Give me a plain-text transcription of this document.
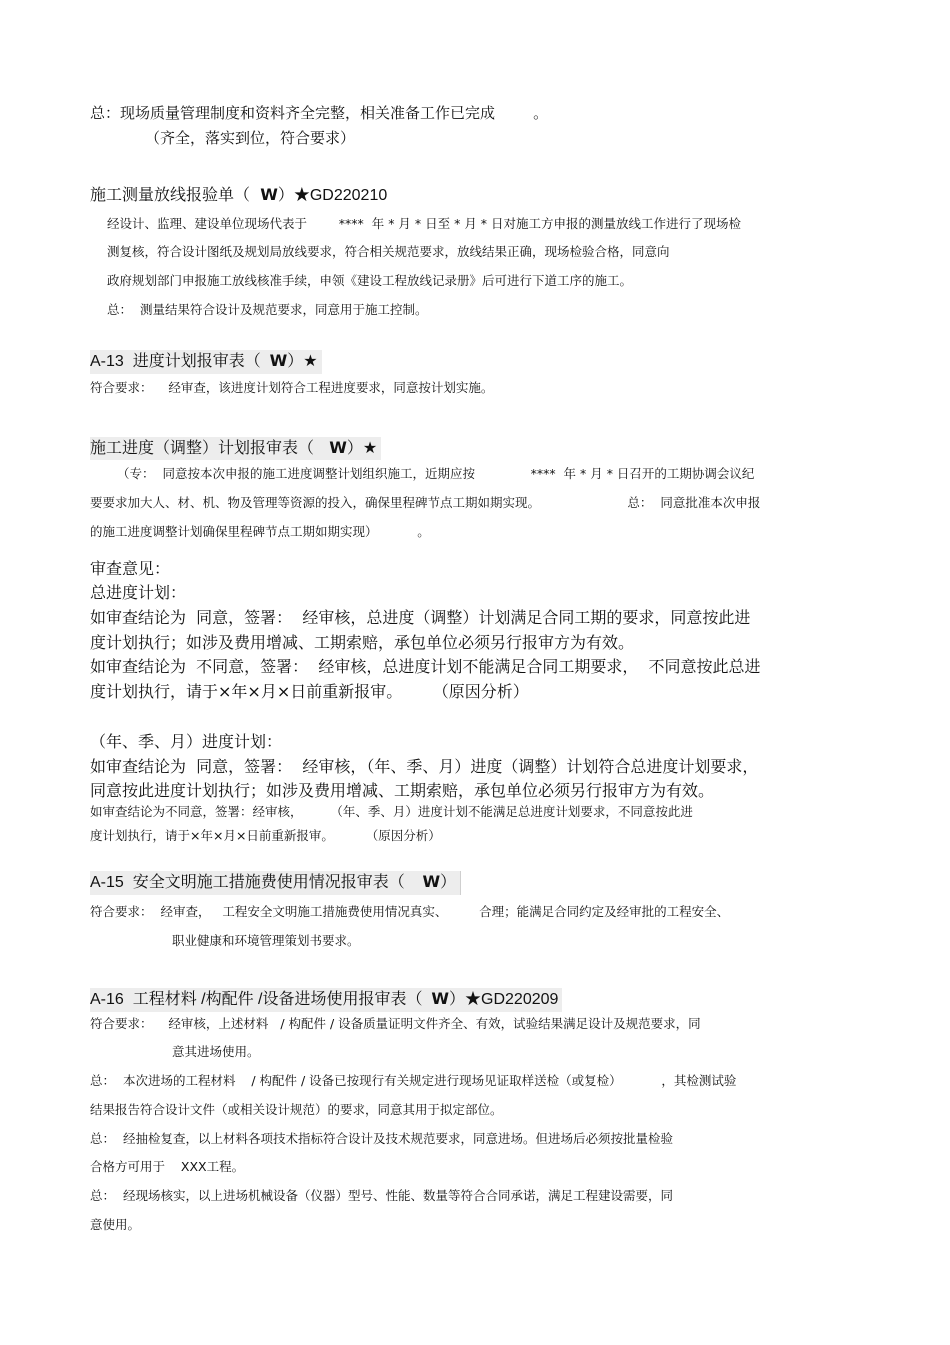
总：现场质量管理制度和资料齐全完整，相关准备工作已完成        。
（齐全，落实到位，符合要求）
施工测量放线报验单（  W）★GD220210
经设计、监理、建设单位现场代表于        ****  年 * 月 * 日至 * 月 * 日对施工方申报的测量放线工作进行了现场检
测复核，符合设计图纸及规划局放线要求，符合相关规范要求，放线结果正确，现场检验合格，同意向
政府规划部门申报施工放线核准手续，申领《建设工程放线记录册》后可进行下道工序的施工。
总：  测量结果符合设计及规范要求，同意用于施工控制。
A-13  进度计划报审表（  W）★
符合要求：    经审查，该进度计划符合工程进度要求，同意按计划实施。
施工进度（调整）计划报审表（   W）★
（专：  同意按本次申报的施工进度调整计划组织施工，近期应按              ****  年 * 月 * 日召开的工期协调会议纪
要要求加大人、材、机、物及管理等资源的投入，确保里程碑节点工期如期实现。                      总：  同意批准本次申报
的施工进度调整计划确保里程碑节点工期如期实现）          。
审查意见：
总进度计划：
如审查结论为  同意，签署：  经审核，总进度（调整）计划满足合同工期的要求，同意按此进
度计划执行；如涉及费用增减、工期索赔，承包单位必须另行报审方为有效。
如审查结论为  不同意，签署：  经审核，总进度计划不能满足合同工期要求，  不同意按此总进
度计划执行，请于×年×月×日前重新报审。      （原因分析）
（年、季、月）进度计划：
如审查结论为  同意，签署：  经审核，（年、季、月）进度（调整）计划符合总进度计划要求，
同意按此进度计划执行；如涉及费用增减、工期索赔，承包单位必须另行报审方为有效。
如审查结论为不同意，签署：经审核，       （年、季、月）进度计划不能满足总进度计划要求，不同意按此进
度计划执行，请于×年×月×日前重新报审。        （原因分析）
A-15  安全文明施工措施费使用情况报审表（    W）
符合要求：  经审查，   工程安全文明施工措施费使用情况真实、        合理；能满足合同约定及经审批的工程安全、
职业健康和环境管理策划书要求。
A-16  工程材料 /构配件 /设备进场使用报审表（  W）★GD220209
符合要求：    经审核，上述材料   / 构配件 / 设备质量证明文件齐全、有效，试验结果满足设计及规范要求，同
意其进场使用。
总：  本次进场的工程材料    / 构配件 / 设备已按现行有关规定进行现场见证取样送检（或复检）          ，其检测试验
结果报告符合设计文件（或相关设计规范）的要求，同意其用于拟定部位。
总：  经抽检复查，以上材料各项技术指标符合设计及技术规范要求，同意进场。但进场后必须按批量检验
合格方可用于    XXX工程。
总：  经现场核实，以上进场机械设备（仪器）型号、性能、数量等符合合同承诺，满足工程建设需要，同
意使用。
